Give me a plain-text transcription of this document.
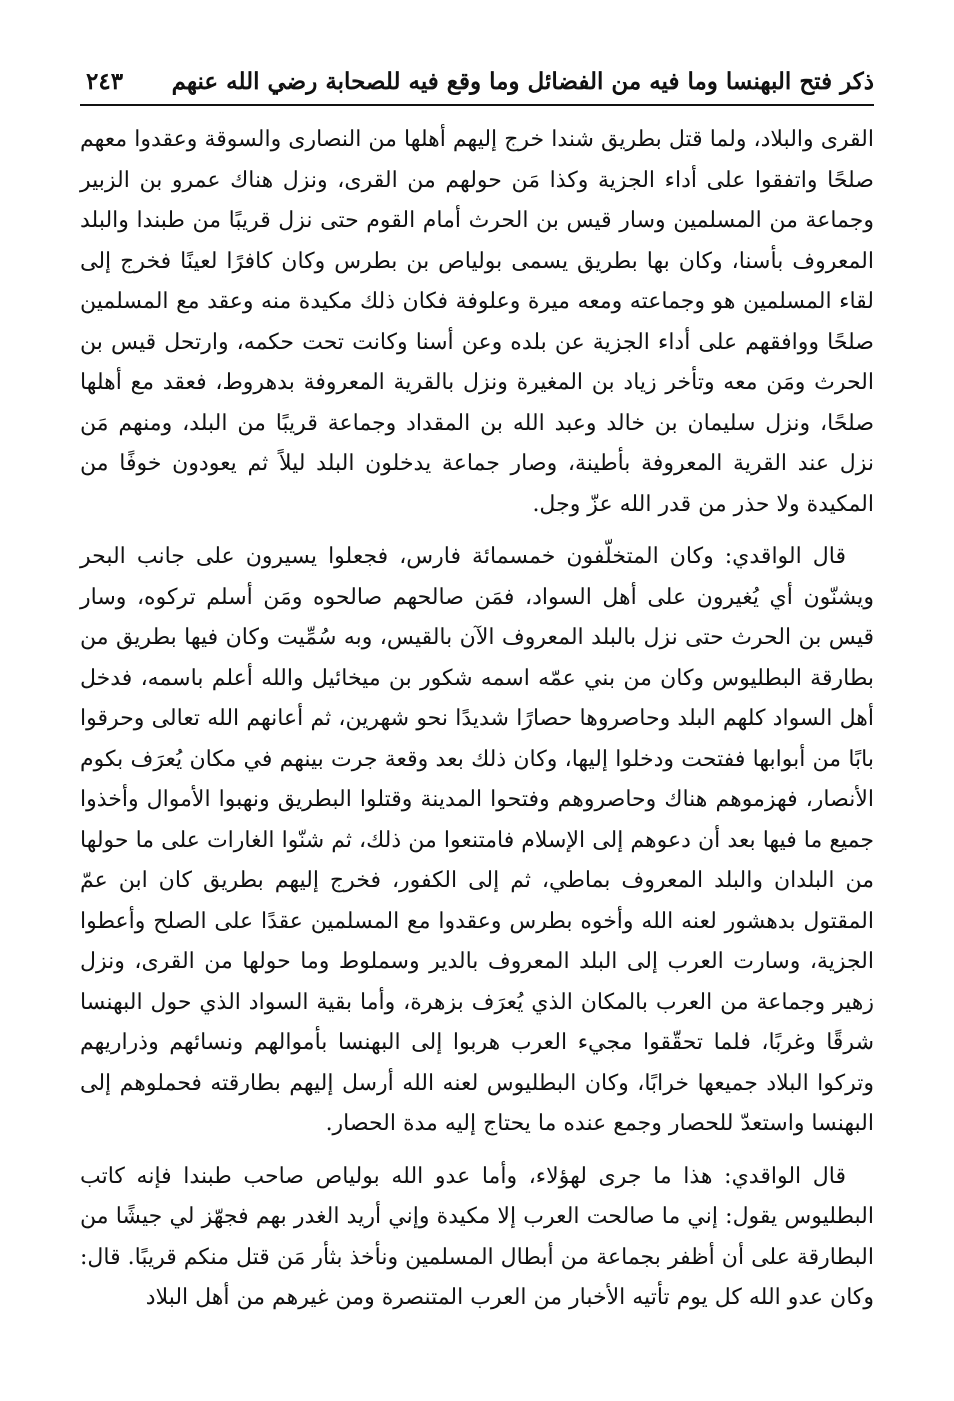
ذكر فتح البهنسا وما فيه من الفضائل وما وقع فيه للصحابة رضي الله عنهم
٢٤٣

القرى والبلاد، ولما قتل بطريق شندا خرج إليهم أهلها من النصارى والسوقة وعقدوا معهم صلحًا واتفقوا على أداء الجزية وكذا مَن حولهم من القرى، ونزل هناك عمرو بن الزبير وجماعة من المسلمين وسار قيس بن الحرث أمام القوم حتى نزل قريبًا من طبندا والبلد المعروف بأسنا، وكان بها بطريق يسمى بولياص بن بطرس وكان كافرًا لعينًا فخرج إلى لقاء المسلمين هو وجماعته ومعه ميرة وعلوفة فكان ذلك مكيدة منه وعقد مع المسلمين صلحًا ووافقهم على أداء الجزية عن بلده وعن أسنا وكانت تحت حكمه، وارتحل قيس بن الحرث ومَن معه وتأخر زياد بن المغيرة ونزل بالقرية المعروفة بدهروط، فعقد مع أهلها صلحًا، ونزل سليمان بن خالد وعبد الله بن المقداد وجماعة قريبًا من البلد، ومنهم مَن نزل عند القرية المعروفة بأطينة، وصار جماعة يدخلون البلد ليلاً ثم يعودون خوفًا من المكيدة ولا حذر من قدر الله عزّ وجل.

قال الواقدي: وكان المتخلّفون خمسمائة فارس، فجعلوا يسيرون على جانب البحر ويشنّون أي يُغيرون على أهل السواد، فمَن صالحهم صالحوه ومَن أسلم تركوه، وسار قيس بن الحرث حتى نزل بالبلد المعروف الآن بالقيس، وبه سُمِّيت وكان فيها بطريق من بطارقة البطليوس وكان من بني عمّه اسمه شكور بن ميخائيل والله أعلم باسمه، فدخل أهل السواد كلهم البلد وحاصروها حصارًا شديدًا نحو شهرين، ثم أعانهم الله تعالى وحرقوا بابًا من أبوابها ففتحت ودخلوا إليها، وكان ذلك بعد وقعة جرت بينهم في مكان يُعرَف بكوم الأنصار، فهزموهم هناك وحاصروهم وفتحوا المدينة وقتلوا البطريق ونهبوا الأموال وأخذوا جميع ما فيها بعد أن دعوهم إلى الإسلام فامتنعوا من ذلك، ثم شنّوا الغارات على ما حولها من البلدان والبلد المعروف بماطي، ثم إلى الكفور، فخرج إليهم بطريق كان ابن عمّ المقتول بدهشور لعنه الله وأخوه بطرس وعقدوا مع المسلمين عقدًا على الصلح وأعطوا الجزية، وسارت العرب إلى البلد المعروف بالدير وسملوط وما حولها من القرى، ونزل زهير وجماعة من العرب بالمكان الذي يُعرَف بزهرة، وأما بقية السواد الذي حول البهنسا شرقًا وغربًا، فلما تحقّقوا مجيء العرب هربوا إلى البهنسا بأموالهم ونسائهم وذراريهم وتركوا البلاد جميعها خرابًا، وكان البطليوس لعنه الله أرسل إليهم بطارقته فحملوهم إلى البهنسا واستعدّ للحصار وجمع عنده ما يحتاج إليه مدة الحصار.

قال الواقدي: هذا ما جرى لهؤلاء، وأما عدو الله بولياص صاحب طبندا فإنه كاتب البطليوس يقول: إني ما صالحت العرب إلا مكيدة وإني أريد الغدر بهم فجهّز لي جيشًا من البطارقة على أن أظفر بجماعة من أبطال المسلمين ونأخذ بثأر مَن قتل منكم قريبًا. قال: وكان عدو الله كل يوم تأتيه الأخبار من العرب المتنصرة ومن غيرهم من أهل البلاد
